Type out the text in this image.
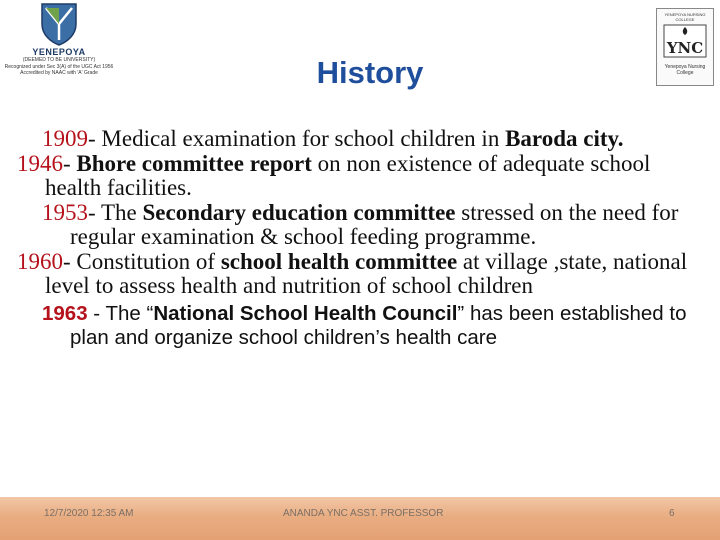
YENEPOYA
(DEEMED TO BE UNIVERSITY)
Recognized under Sec 3(A) of the UGC Act 1956
Accredited by NAAC with 'A' Grade
YENEPOYA NURSING COLLEGE
YNC
Yenepoya Nursing College
History

1909- Medical examination for school children in Baroda city.

1946- Bhore committee report on non existence of adequate school health facilities.

1953- The Secondary education committee stressed on the need for regular examination & school feeding programme.

1960- Constitution of school health committee at village ,state, national level to assess health and nutrition of school children

1963 - The “National School Health Council” has been established to plan and organize school children’s health care

12/7/2020 12:35 AM	ANANDA YNC ASST. PROFESSOR	6
